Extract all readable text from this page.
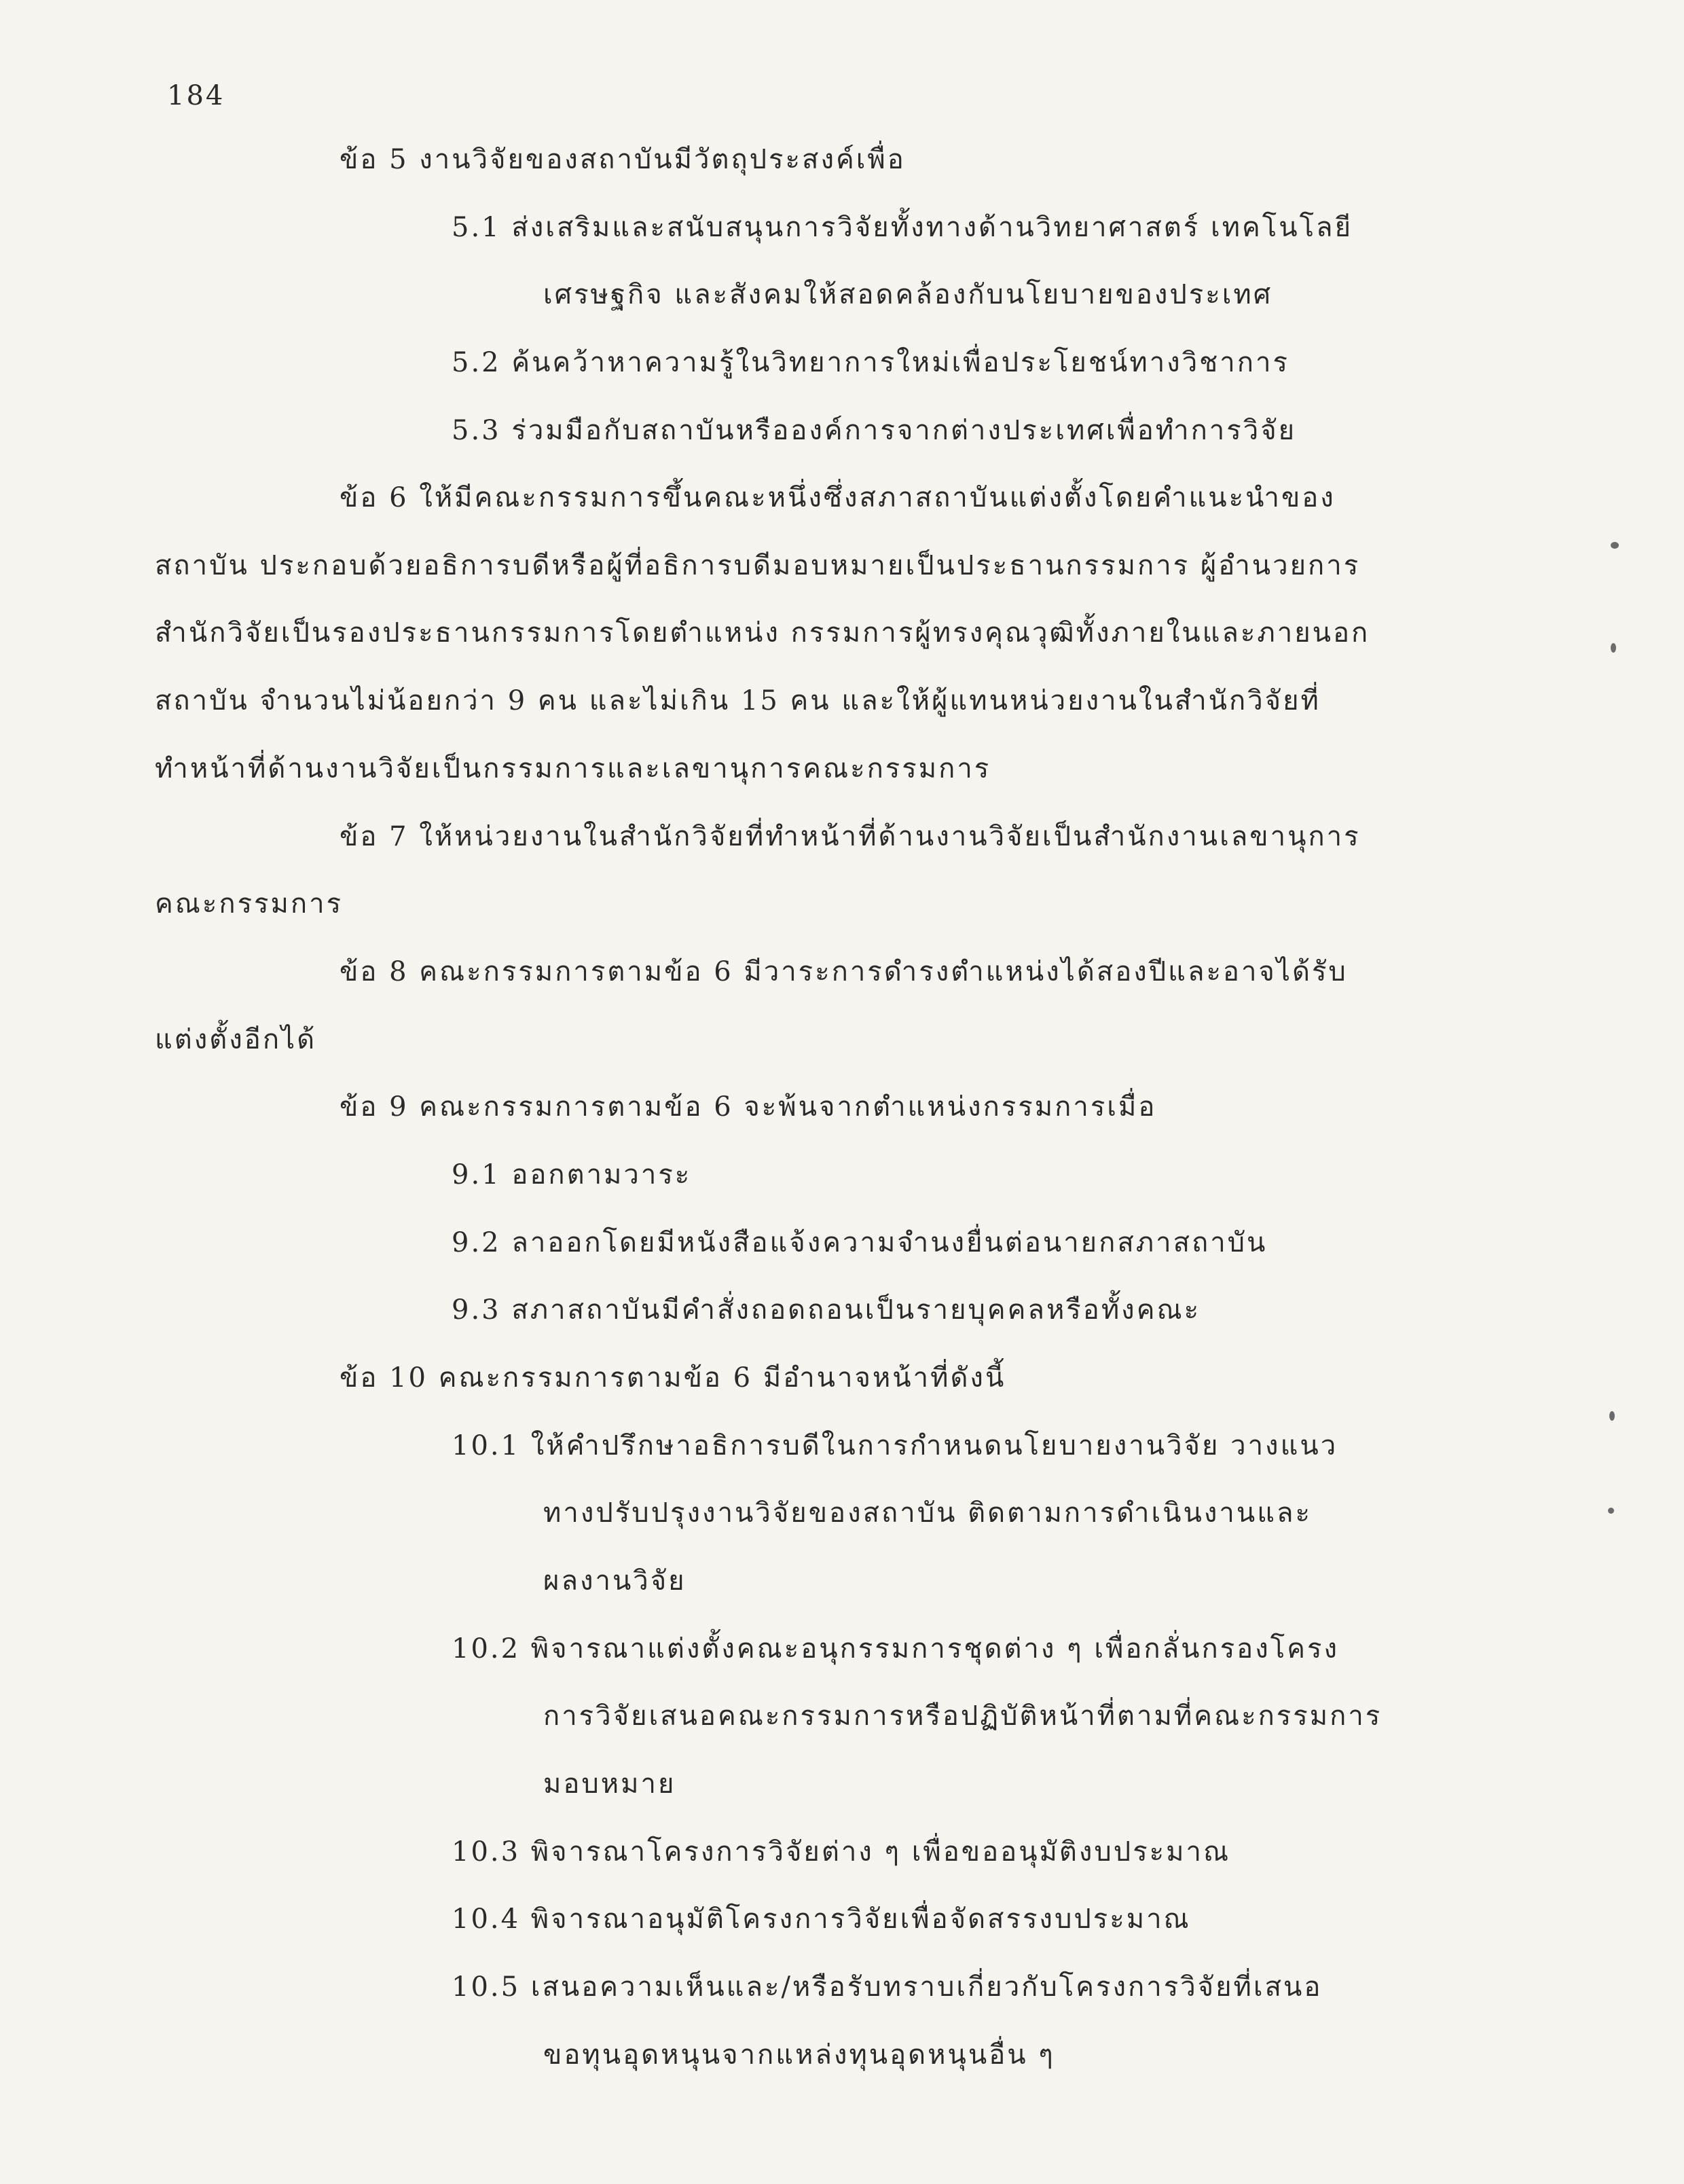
184
ข้อ 5 งานวิจัยของสถาบันมีวัตถุประสงค์เพื่อ
5.1 ส่งเสริมและสนับสนุนการวิจัยทั้งทางด้านวิทยาศาสตร์ เทคโนโลยี
เศรษฐกิจ และสังคมให้สอดคล้องกับนโยบายของประเทศ
5.2 ค้นคว้าหาความรู้ในวิทยาการใหม่เพื่อประโยชน์ทางวิชาการ
5.3 ร่วมมือกับสถาบันหรือองค์การจากต่างประเทศเพื่อทำการวิจัย
ข้อ 6 ให้มีคณะกรรมการขึ้นคณะหนึ่งซึ่งสภาสถาบันแต่งตั้งโดยคำแนะนำของ
สถาบัน ประกอบด้วยอธิการบดีหรือผู้ที่อธิการบดีมอบหมายเป็นประธานกรรมการ ผู้อำนวยการ
สำนักวิจัยเป็นรองประธานกรรมการโดยตำแหน่ง กรรมการผู้ทรงคุณวุฒิทั้งภายในและภายนอก
สถาบัน จำนวนไม่น้อยกว่า 9 คน และไม่เกิน 15 คน และให้ผู้แทนหน่วยงานในสำนักวิจัยที่
ทำหน้าที่ด้านงานวิจัยเป็นกรรมการและเลขานุการคณะกรรมการ
ข้อ 7 ให้หน่วยงานในสำนักวิจัยที่ทำหน้าที่ด้านงานวิจัยเป็นสำนักงานเลขานุการ
คณะกรรมการ
ข้อ 8 คณะกรรมการตามข้อ 6 มีวาระการดำรงตำแหน่งได้สองปีและอาจได้รับ
แต่งตั้งอีกได้
ข้อ 9 คณะกรรมการตามข้อ 6 จะพ้นจากตำแหน่งกรรมการเมื่อ
9.1 ออกตามวาระ
9.2 ลาออกโดยมีหนังสือแจ้งความจำนงยื่นต่อนายกสภาสถาบัน
9.3 สภาสถาบันมีคำสั่งถอดถอนเป็นรายบุคคลหรือทั้งคณะ
ข้อ 10 คณะกรรมการตามข้อ 6 มีอำนาจหน้าที่ดังนี้
10.1 ให้คำปรึกษาอธิการบดีในการกำหนดนโยบายงานวิจัย วางแนว
ทางปรับปรุงงานวิจัยของสถาบัน ติดตามการดำเนินงานและ
ผลงานวิจัย
10.2 พิจารณาแต่งตั้งคณะอนุกรรมการชุดต่าง ๆ เพื่อกลั่นกรองโครง
การวิจัยเสนอคณะกรรมการหรือปฏิบัติหน้าที่ตามที่คณะกรรมการ
มอบหมาย
10.3 พิจารณาโครงการวิจัยต่าง ๆ เพื่อขออนุมัติงบประมาณ
10.4 พิจารณาอนุมัติโครงการวิจัยเพื่อจัดสรรงบประมาณ
10.5 เสนอความเห็นและ/หรือรับทราบเกี่ยวกับโครงการวิจัยที่เสนอ
ขอทุนอุดหนุนจากแหล่งทุนอุดหนุนอื่น ๆ
